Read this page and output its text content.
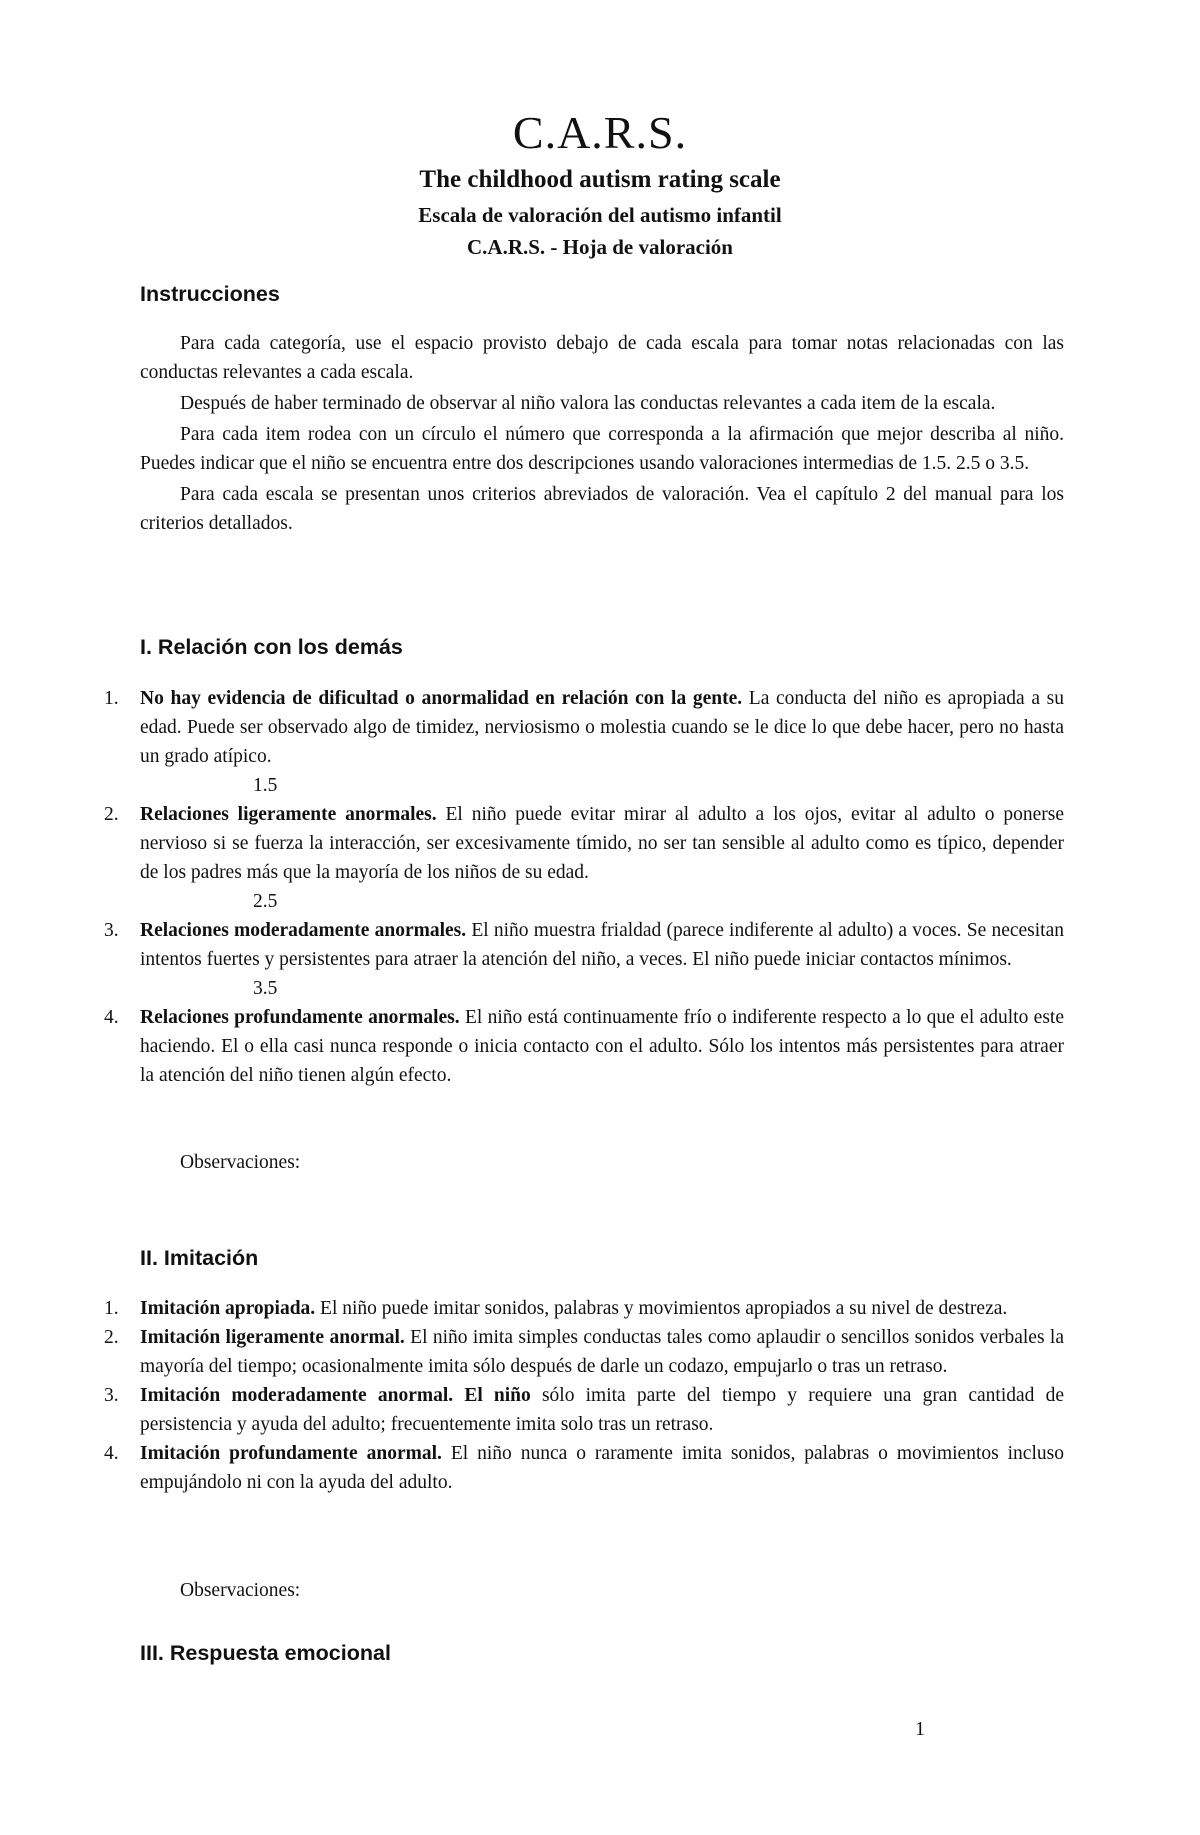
C.A.R.S.
The childhood autism rating scale
Escala de valoración del autismo infantil
C.A.R.S. - Hoja de valoración

Instrucciones

Para cada categoría, use el espacio provisto debajo de cada escala para tomar notas relacionadas con las conductas relevantes a cada escala.

Después de haber terminado de observar al niño valora las conductas relevantes a cada item de la escala.

Para cada item rodea con un círculo el número que corresponda a la afirmación que mejor describa al niño. Puedes indicar que el niño se encuentra entre dos descripciones usando valoraciones intermedias de 1.5. 2.5 o 3.5.

Para cada escala se presentan unos criterios abreviados de valoración. Vea el capítulo 2 del manual para los criterios detallados.

I. Relación con los demás

1. No hay evidencia de dificultad o anormalidad en relación con la gente. La conducta del niño es apropiada a su edad. Puede ser observado algo de timidez, nerviosismo o molestia cuando se le dice lo que debe hacer, pero no hasta un grado atípico.

1.5

2. Relaciones ligeramente anormales. El niño puede evitar mirar al adulto a los ojos, evitar al adulto o ponerse nervioso si se fuerza la interacción, ser excesivamente tímido, no ser tan sensible al adulto como es típico, depender de los padres más que la mayoría de los niños de su edad.

2.5

3. Relaciones moderadamente anormales. El niño muestra frialdad (parece indiferente al adulto) a voces. Se necesitan intentos fuertes y persistentes para atraer la atención del niño, a veces. El niño puede iniciar contactos mínimos.

3.5

4. Relaciones profundamente anormales. El niño está continuamente frío o indiferente respecto a lo que el adulto este haciendo. El o ella casi nunca responde o inicia contacto con el adulto. Sólo los intentos más persistentes para atraer la atención del niño tienen algún efecto.

Observaciones:

II. Imitación

1. Imitación apropiada. El niño puede imitar sonidos, palabras y movimientos apropiados a su nivel de destreza.
2. Imitación ligeramente anormal. El niño imita simples conductas tales como aplaudir o sencillos sonidos verbales la mayoría del tiempo; ocasionalmente imita sólo después de darle un codazo, empujarlo o tras un retraso.
3. Imitación moderadamente anormal. El niño sólo imita parte del tiempo y requiere una gran cantidad de persistencia y ayuda del adulto; frecuentemente imita solo tras un retraso.
4. Imitación profundamente anormal. El niño nunca o raramente imita sonidos, palabras o movimientos incluso empujándolo ni con la ayuda del adulto.

Observaciones:

III. Respuesta emocional

1
